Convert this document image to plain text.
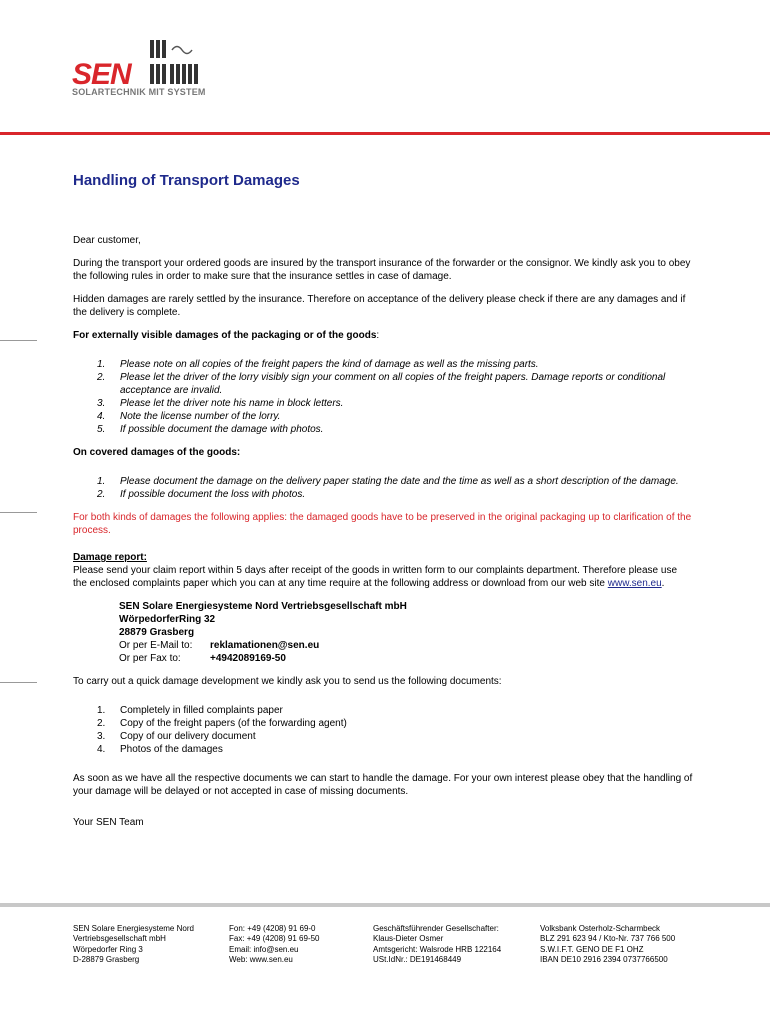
SEN
SOLARTECHNIK MIT SYSTEM
Handling of Transport Damages

Dear customer,

During the transport your ordered goods are insured by the transport insurance of the forwarder or the consignor. We kindly ask you to obey the following rules in order to make sure that the insurance settles in case of damage.

Hidden damages are rarely settled by the insurance. Therefore on acceptance of the delivery please check if there are any damages and if the delivery is complete.

For externally visible damages of the packaging or of the goods:

1. Please note on all copies of the freight papers the kind of damage as well as the missing parts.
2. Please let the driver of the lorry visibly sign your comment on all copies of the freight papers. Damage reports or conditional acceptance are invalid.
3. Please let the driver note his name in block letters.
4. Note the license number of the lorry.
5. If possible document the damage with photos.

On covered damages of the goods:

1. Please document the damage on the delivery paper stating the date and the time as well as a short description of the damage.
2. If possible document the loss with photos.

For both kinds of damages the following applies: the damaged goods have to be preserved in the original packaging up to clarification of the process.

Damage report:
Please send your claim report within 5 days after receipt of the goods in written form to our complaints department. Therefore please use the enclosed complaints paper which you can at any time require at the following address or download from our web site www.sen.eu.

SEN Solare Energiesysteme Nord Vertriebsgesellschaft mbH
WörpedorferRing 32
28879 Grasberg
Or per E-Mail to:	reklamationen@sen.eu
Or per Fax to:	+4942089169-50

To carry out a quick damage development we kindly ask you to send us the following documents:

1. Completely in filled complaints paper
2. Copy of the freight papers (of the forwarding agent)
3. Copy of our delivery document
4. Photos of the damages

As soon as we have all the respective documents we can start to handle the damage. For your own interest please obey that the handling of your damage will be delayed or not accepted in case of missing documents.

Your SEN Team

SEN Solare Energiesysteme Nord
Vertriebsgesellschaft mbH
Wörpedorfer Ring 3
D-28879 Grasberg
Fon: +49 (4208) 91 69-0
Fax: +49 (4208) 91 69-50
Email: info@sen.eu
Web: www.sen.eu
Geschäftsführender Gesellschafter:
Klaus-Dieter Osmer
Amtsgericht: Walsrode HRB 122164
USt.IdNr.: DE191468449
Volksbank Osterholz-Scharmbeck
BLZ 291 623 94 / Kto-Nr. 737 766 500
S.W.I.F.T. GENO DE F1 OHZ
IBAN DE10 2916 2394 0737766500
